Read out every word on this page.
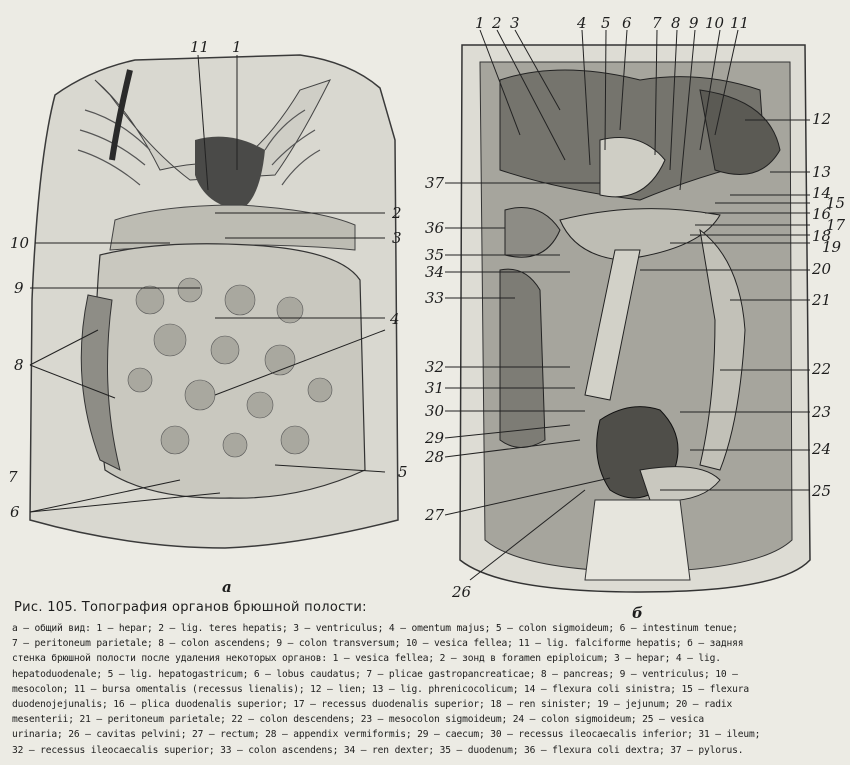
11 1
2
3
10
9
4
8
7	5
6
а
1 2 3	4 5 6 7 8 9 10 11
12
13
14
15
16
17
18
19
20
21
22
23
24
25
26
27
28
29
30
31
32
33
34
35
36
37
б
Рис. 105. Топография органов брюшной полости:
а — общий вид: 1 — hepar; 2 — lig. teres hepatis; 3 — ventriculus; 4 — omentum majus; 5 — colon sigmoideum; 6 — intestinum tenue;
7 — peritoneum parietale; 8 — colon ascendens; 9 — colon transversum; 10 — vesica fellea; 11 — lig. falciforme hepatis; б — задняя
стенка брюшной полости после удаления некоторых органов: 1 — vesica fellea; 2 — зонд в foramen epiploicum; 3 — hepar; 4 — lig.
hepatoduodenale; 5 — lig. hepatogastricum; 6 — lobus caudatus; 7 — plicae gastropancreaticae; 8 — pancreas; 9 — ventriculus; 10 —
mesocolon; 11 — bursa omentalis (recessus lienalis); 12 — lien; 13 — lig. phrenicocolicum; 14 — flexura coli sinistra; 15 — flexura
duodenojejunalis; 16 — plica duodenalis superior; 17 — recessus duodenalis superior; 18 — ren sinister; 19 — jejunum; 20 — radix
mesenterii; 21 — peritoneum parietale; 22 — colon descendens; 23 — mesocolon sigmoideum; 24 — colon sigmoideum; 25 — vesica
urinaria; 26 — cavitas pelvini; 27 — rectum; 28 — appendix vermiformis; 29 — caecum; 30 — recessus ileocaecalis inferior; 31 — ileum;
32 — recessus ileocaecalis superior; 33 — colon ascendens; 34 — ren dexter; 35 — duodenum; 36 — flexura coli dextra; 37 — pylorus.
